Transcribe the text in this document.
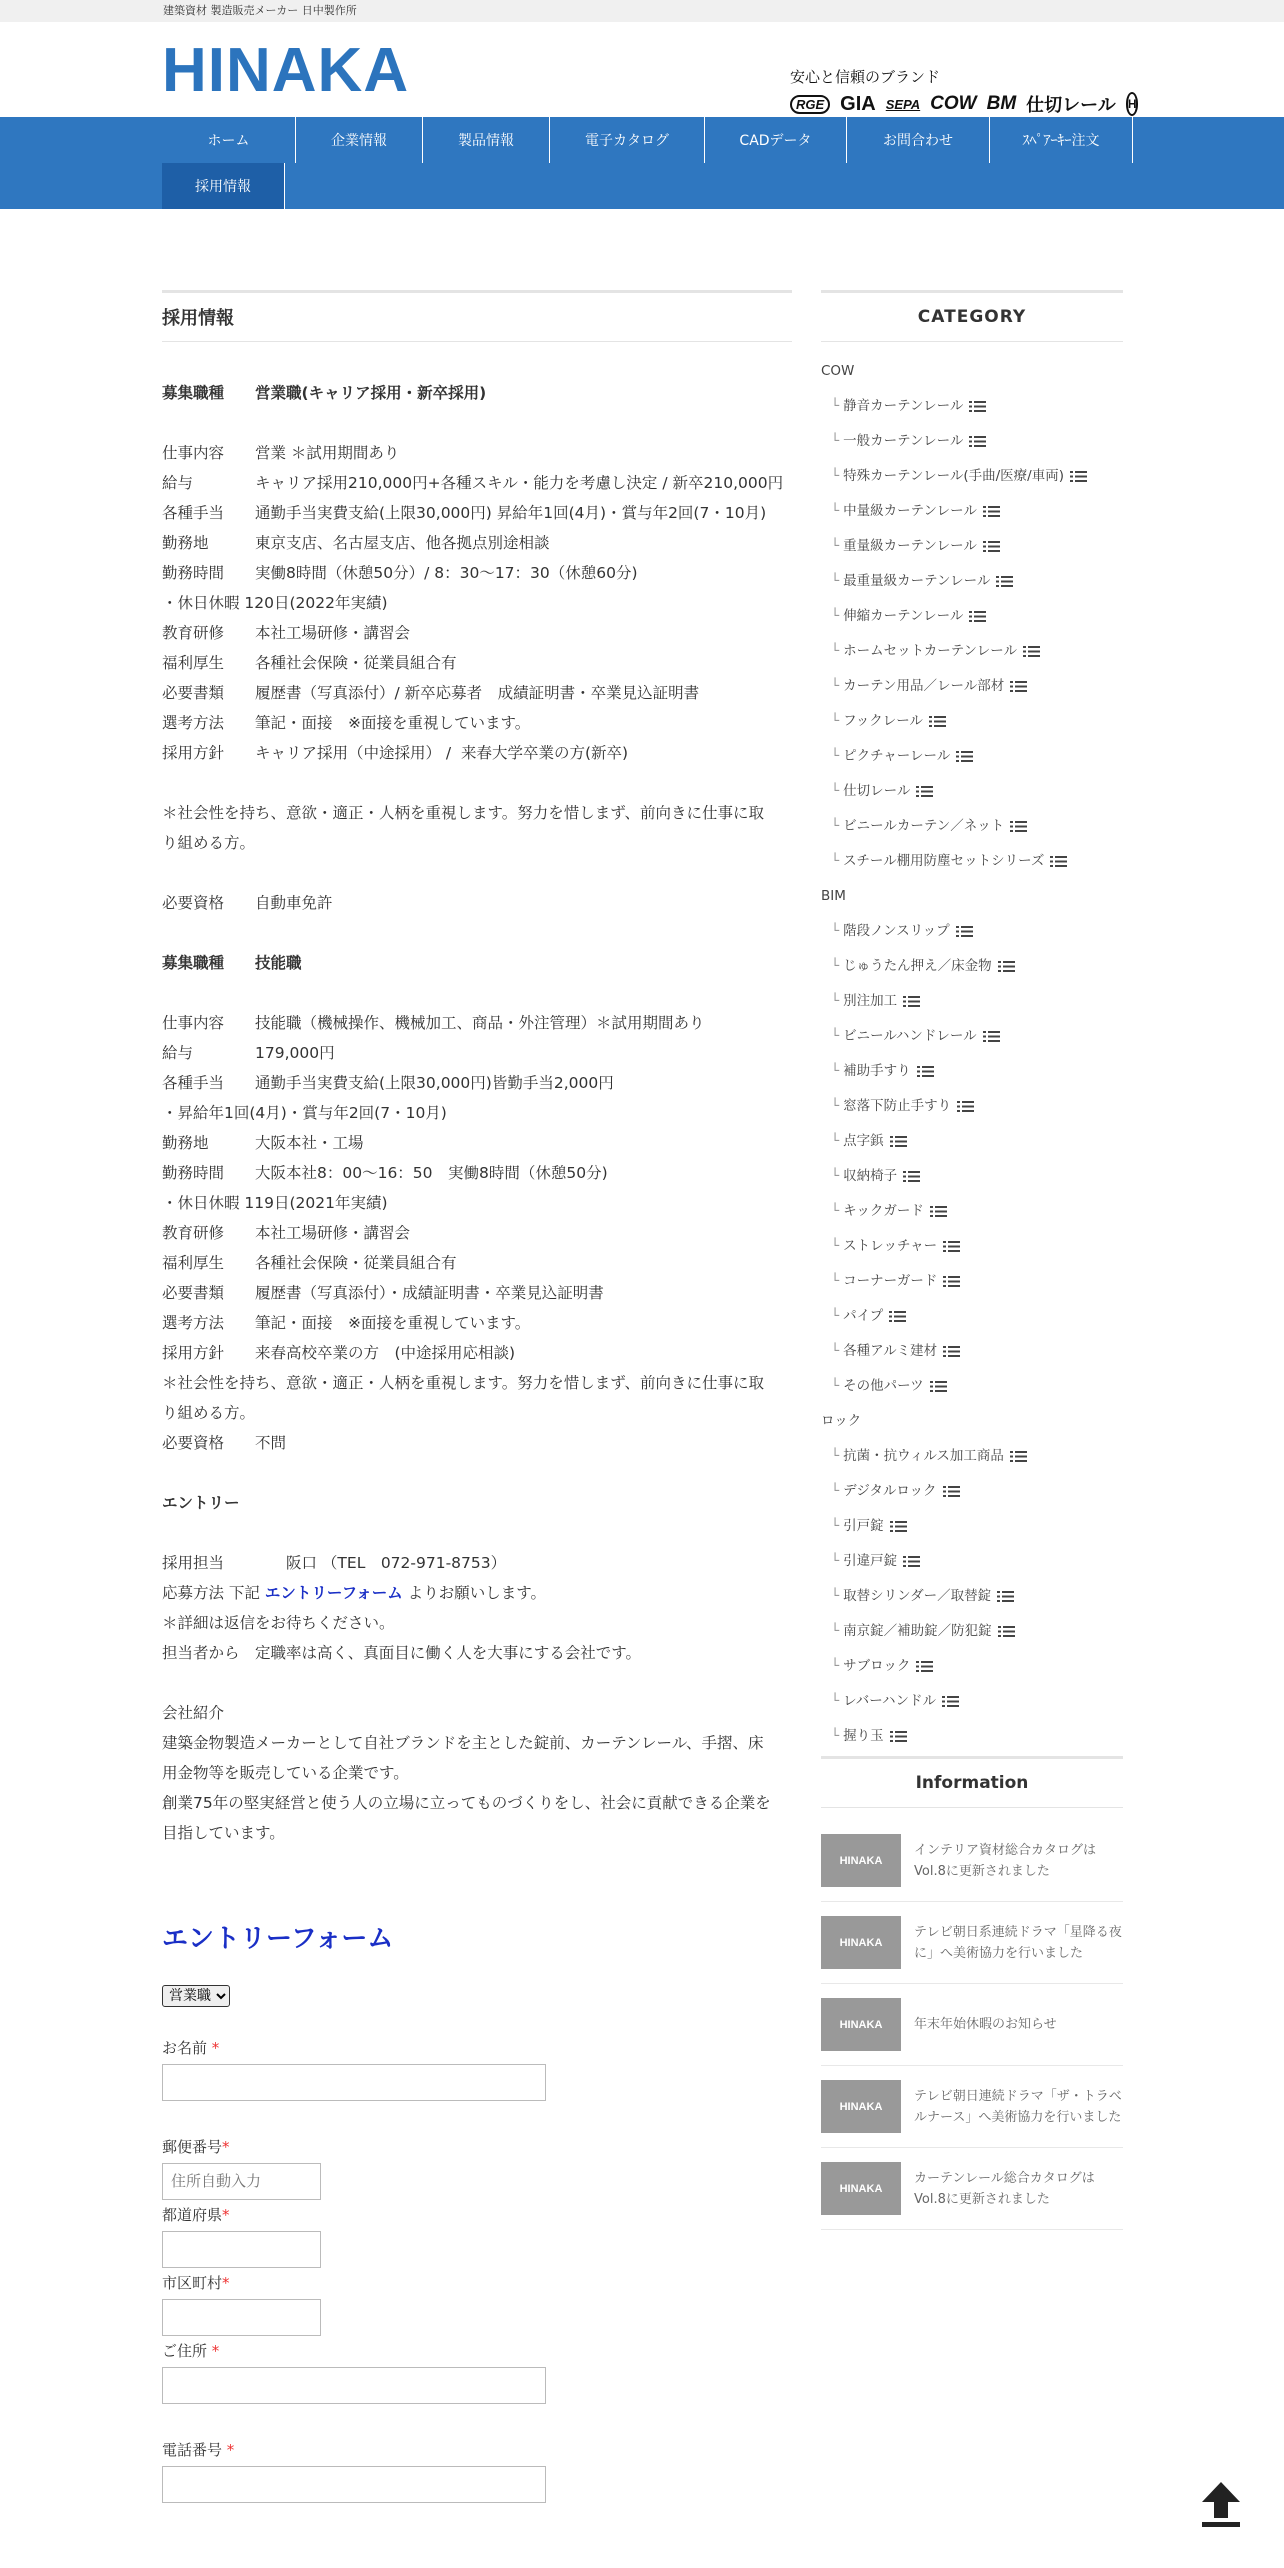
建築資材 製造販売メーカー 日中製作所
HINAKA	安心と信頼のブランド
RGE GIA SEPA COW BM 仕切レール H
ホーム	企業情報	製品情報	電子カタログ	CADデータ	お問合わせ	ｽﾍﾟｱｰｷｰ注文
採用情報
採用情報

募集職種　　営業職(キャリア採用・新卒採用)

仕事内容　　営業 ＊試用期間あり

給与　　　　キャリア採用210,000円+各種スキル・能力を考慮し決定 / 新卒210,000円

各種手当　　通勤手当実費支給(上限30,000円) 昇給年1回(4月)・賞与年2回(7・10月)

勤務地　　　東京支店、名古屋支店、他各拠点別途相談

勤務時間　　実働8時間（休憩50分）/ 8：30～17：30（休憩60分)

・休日休暇 120日(2022年実績)

教育研修　　本社工場研修・講習会

福利厚生　　各種社会保険・従業員組合有

必要書類　　履歴書（写真添付）/ 新卒応募者　成績証明書・卒業見込証明書

選考方法　　筆記・面接　※面接を重視しています。

採用方針　　キャリア採用（中途採用） /  来春大学卒業の方(新卒)

＊社会性を持ち、意欲・適正・人柄を重視します。努力を惜しまず、前向きに仕事に取

り組める方。

必要資格　　自動車免許

募集職種　　技能職

仕事内容　　技能職（機械操作、機械加工、商品・外注管理）＊試用期間あり

給与　　　　179,000円

各種手当　　通勤手当実費支給(上限30,000円)皆勤手当2,000円

・昇給年1回(4月)・賞与年2回(7・10月)

勤務地　　　大阪本社・工場

勤務時間　　大阪本社8：00～16：50　実働8時間（休憩50分)

・休日休暇 119日(2021年実績)

教育研修　　本社工場研修・講習会

福利厚生　　各種社会保険・従業員組合有

必要書類　　履歴書（写真添付）・成績証明書・卒業見込証明書

選考方法　　筆記・面接　※面接を重視しています。

採用方針　　来春高校卒業の方　(中途採用応相談)

＊社会性を持ち、意欲・適正・人柄を重視します。努力を惜しまず、前向きに仕事に取

り組める方。

必要資格　　不問

エントリー

採用担当　　　　阪口 （TEL　072-971-8753）

応募方法 下記 エントリーフォーム よりお願いします。

＊詳細は返信をお待ちください。

担当者から　定職率は高く、真面目に働く人を大事にする会社です。

会社紹介

建築金物製造メーカーとして自社ブランドを主とした錠前、カーテンレール、手摺、床

用金物等を販売している企業です。

創業75年の堅実経営と使う人の立場に立ってものづくりをし、社会に貢献できる企業を

目指しています。

エントリーフォーム
営業職
お名前 *
郵便番号*
住所自動入力
都道府県*
市区町村*
ご住所 *
電話番号 *
CATEGORY
COW
└ 静音カーテンレール
└ 一般カーテンレール
└ 特殊カーテンレール(手曲/医療/車両)
└ 中量級カーテンレール
└ 重量級カーテンレール
└ 最重量級カーテンレール
└ 伸縮カーテンレール
└ ホームセットカーテンレール
└ カーテン用品／レール部材
└ フックレール
└ ピクチャーレール
└ 仕切レール
└ ビニールカーテン／ネット
└ スチール棚用防塵セットシリーズ
BIM
└ 階段ノンスリップ
└ じゅうたん押え／床金物
└ 別注加工
└ ビニールハンドレール
└ 補助手すり
└ 窓落下防止手すり
└ 点字鋲
└ 収納椅子
└ キックガード
└ ストレッチャー
└ コーナーガード
└ パイプ
└ 各種アルミ建材
└ その他パーツ
ロック
└ 抗菌・抗ウィルス加工商品
└ デジタルロック
└ 引戸錠
└ 引違戸錠
└ 取替シリンダー／取替錠
└ 南京錠／補助錠／防犯錠
└ サブロック
└ レバーハンドル
└ 握り玉
Information
HINAKA
インテリア資材総合カタログはVol.8に更新されました
HINAKA
テレビ朝日系連続ドラマ「星降る夜に」へ美術協力を行いました
HINAKA	年末年始休暇のお知らせ
HINAKA
テレビ朝日連続ドラマ「ザ・トラベルナース」へ美術協力を行いました
HINAKA
カーテンレール総合カタログはVol.8に更新されました
